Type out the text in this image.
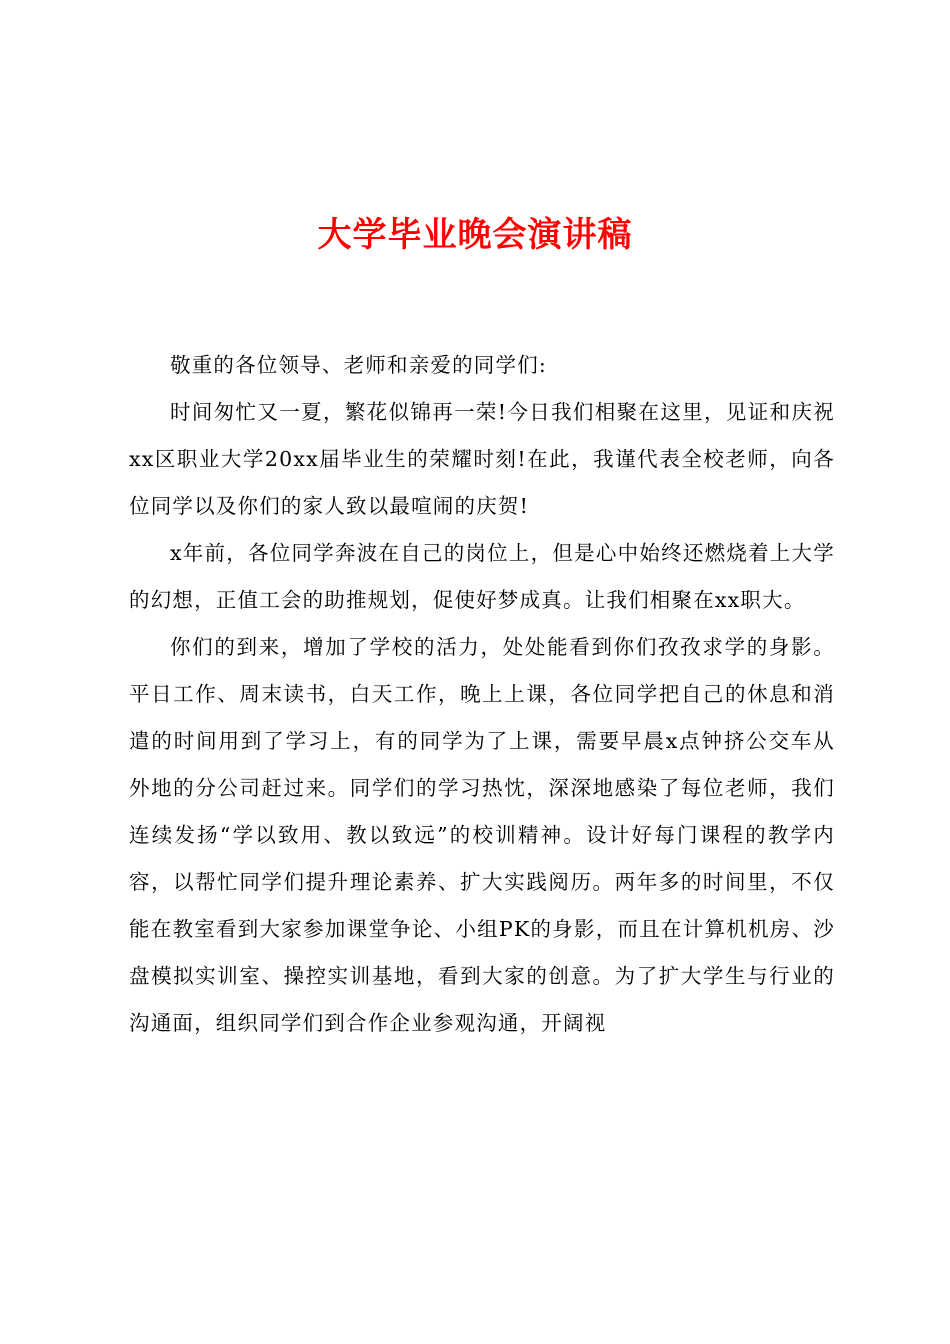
大学毕业晚会演讲稿

敬重的各位领导、老师和亲爱的同学们:

时间匆忙又一夏，繁花似锦再一荣!今日我们相聚在这里，见证和庆祝xx区职业大学20xx届毕业生的荣耀时刻!在此，我谨代表全校老师，向各位同学以及你们的家人致以最喧闹的庆贺!

x年前，各位同学奔波在自己的岗位上，但是心中始终还燃烧着上大学的幻想，正值工会的助推规划，促使好梦成真。让我们相聚在xx职大。

你们的到来，增加了学校的活力，处处能看到你们孜孜求学的身影。平日工作、周末读书，白天工作，晚上上课，各位同学把自己的休息和消遣的时间用到了学习上，有的同学为了上课，需要早晨x点钟挤公交车从外地的分公司赶过来。同学们的学习热忱，深深地感染了每位老师，我们连续发扬“学以致用、教以致远”的校训精神。设计好每门课程的教学内容，以帮忙同学们提升理论素养、扩大实践阅历。两年多的时间里，不仅能在教室看到大家参加课堂争论、小组PK的身影，而且在计算机机房、沙盘模拟实训室、操控实训基地，看到大家的创意。为了扩大学生与行业的沟通面，组织同学们到合作企业参观沟通，开阔视
